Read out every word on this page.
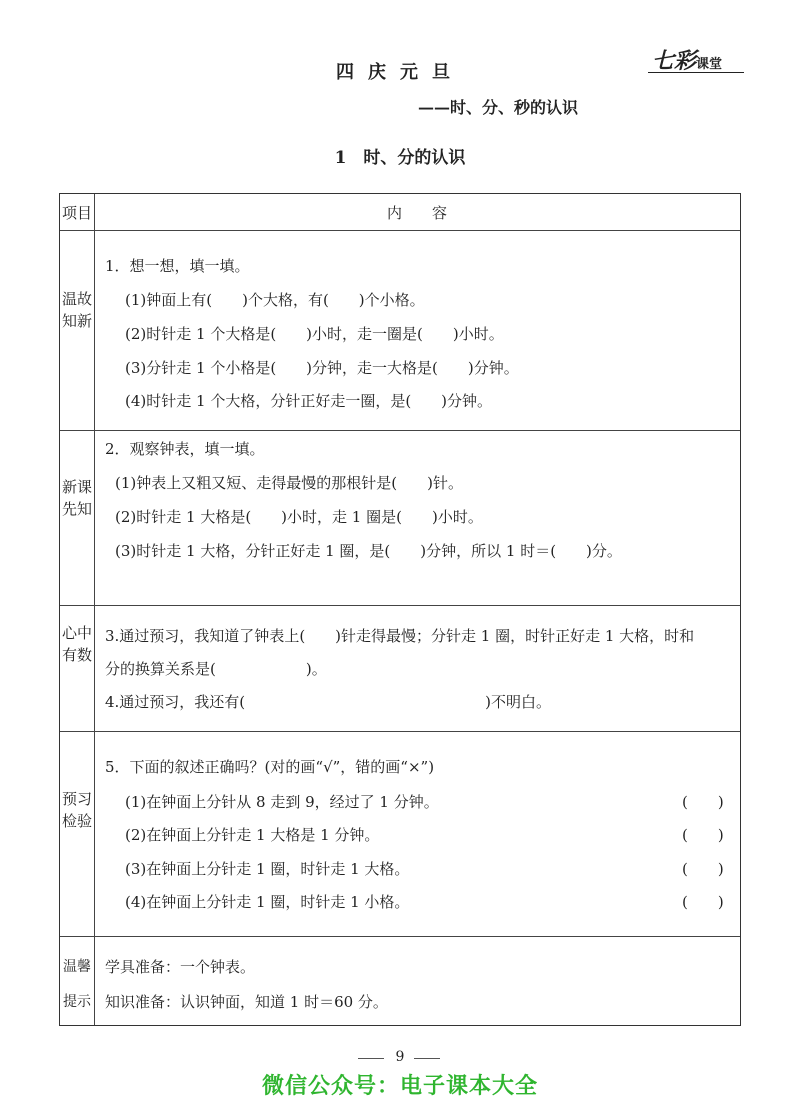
四庆元旦
——时、分、秒的认识
1　时、分的认识
七彩课堂
项目	内　　容
温故知新
1．想一想，填一填。
(1)钟面上有(　　)个大格，有(　　)个小格。
(2)时针走 1 个大格是(　　)小时，走一圈是(　　)小时。
(3)分针走 1 个小格是(　　)分钟，走一大格是(　　)分钟。
(4)时针走 1 个大格，分针正好走一圈，是(　　)分钟。
新课先知
2．观察钟表，填一填。
(1)钟表上又粗又短、走得最慢的那根针是(　　)针。
(2)时针走 1 大格是(　　)小时，走 1 圈是(　　)小时。
(3)时针走 1 大格，分针正好走 1 圈，是(　　)分钟，所以 1 时＝(　　)分。
心中有数
3.通过预习，我知道了钟表上(　　)针走得最慢；分针走 1 圈，时针正好走 1 大格，时和
分的换算关系是(　　　　　　)。
4.通过预习，我还有(　　　　　　　　　　　　　　　　)不明白。
预习检验
5．下面的叙述正确吗？(对的画“√”，错的画“×”)
(1)在钟面上分针从 8 走到 9，经过了 1 分钟。
(2)在钟面上分针走 1 大格是 1 分钟。
(3)在钟面上分针走 1 圈，时针走 1 大格。
(4)在钟面上分针走 1 圈，时针走 1 小格。
(　　)
(　　)
(　　)
(　　)
温馨
提示
学具准备：一个钟表。
知识准备：认识钟面，知道 1 时＝60 分。
9
微信公众号：电子课本大全
